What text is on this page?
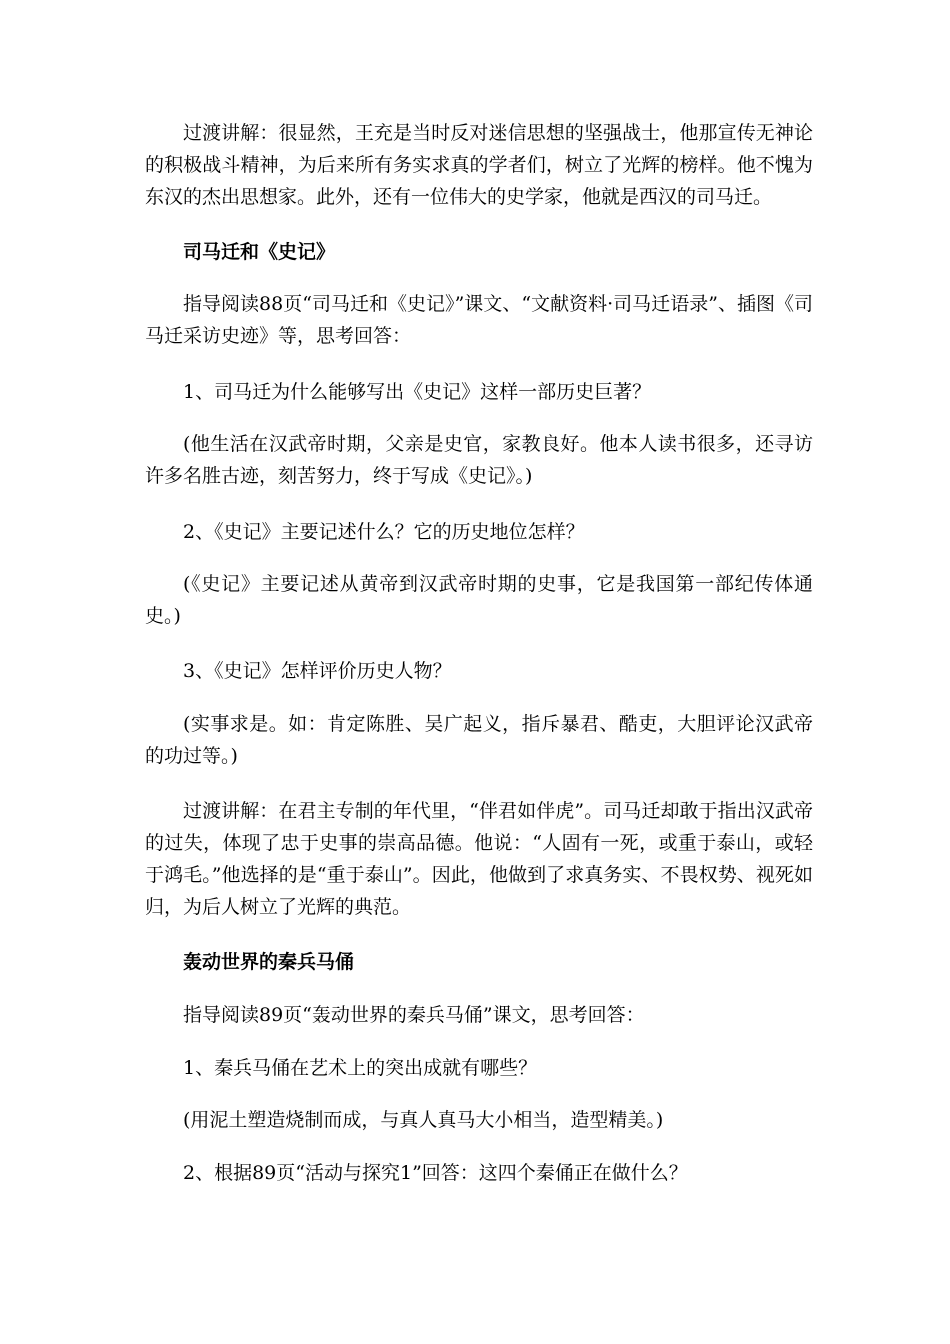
过渡讲解：很显然，王充是当时反对迷信思想的坚强战士，他那宣传无神论的积极战斗精神，为后来所有务实求真的学者们，树立了光辉的榜样。他不愧为东汉的杰出思想家。此外，还有一位伟大的史学家，他就是西汉的司马迁。

司马迁和《史记》

指导阅读88页“司马迁和《史记》”课文、“文献资料·司马迁语录”、插图《司马迁采访史迹》等，思考回答：

1、司马迁为什么能够写出《史记》这样一部历史巨著？

(他生活在汉武帝时期，父亲是史官，家教良好。他本人读书很多，还寻访许多名胜古迹，刻苦努力，终于写成《史记》。)

2、《史记》主要记述什么？它的历史地位怎样？

(《史记》主要记述从黄帝到汉武帝时期的史事，它是我国第一部纪传体通史。)

3、《史记》怎样评价历史人物？

(实事求是。如：肯定陈胜、吴广起义，指斥暴君、酷吏，大胆评论汉武帝的功过等。)

过渡讲解：在君主专制的年代里，“伴君如伴虎”。司马迁却敢于指出汉武帝的过失，体现了忠于史事的崇高品德。他说：“人固有一死，或重于泰山，或轻于鸿毛。”他选择的是“重于泰山”。因此，他做到了求真务实、不畏权势、视死如归，为后人树立了光辉的典范。

轰动世界的秦兵马俑

指导阅读89页“轰动世界的秦兵马俑”课文，思考回答：

1、秦兵马俑在艺术上的突出成就有哪些？

(用泥土塑造烧制而成，与真人真马大小相当，造型精美。)

2、根据89页“活动与探究1”回答：这四个秦俑正在做什么？
